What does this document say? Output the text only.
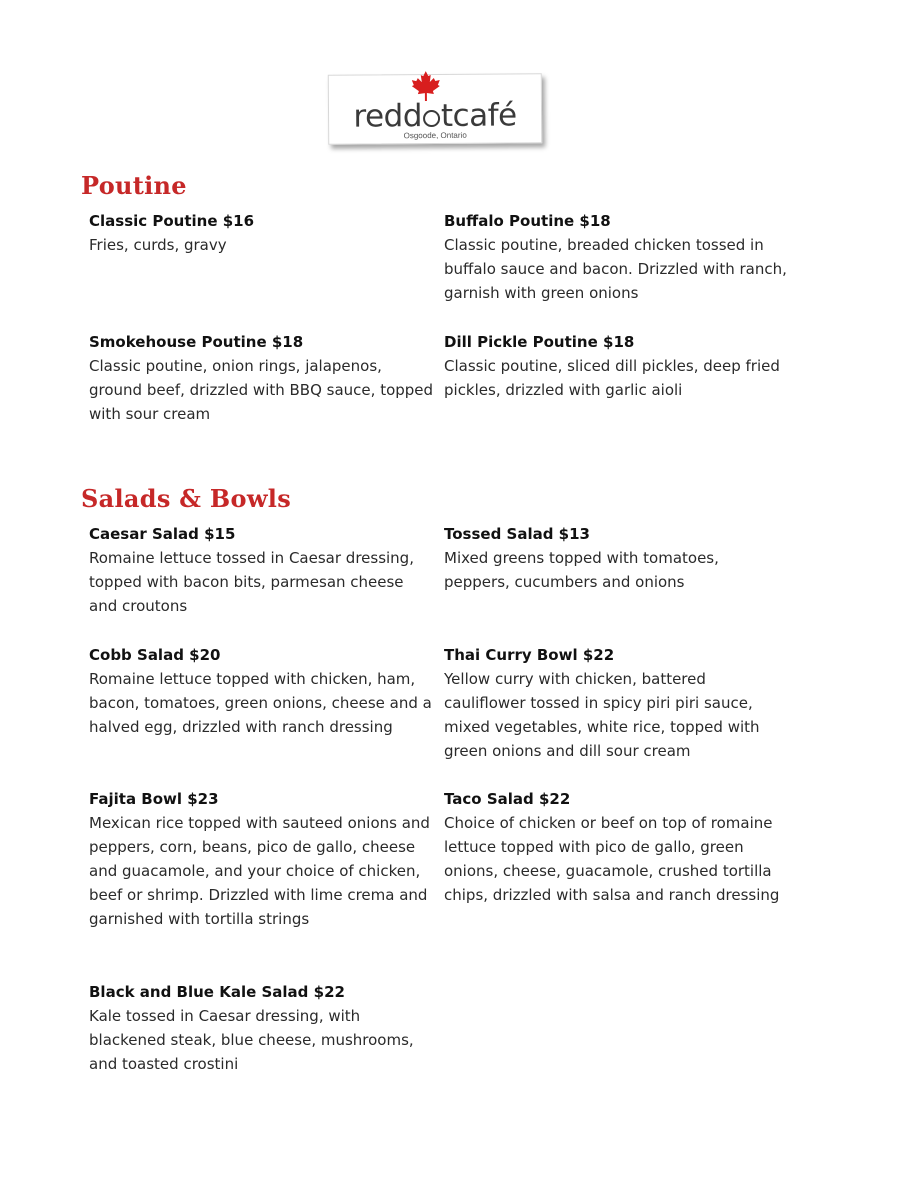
redd tcafé
Osgoode, Ontario
Poutine
Classic Poutine $16
Fries, curds, gravy
Buffalo Poutine $18
Classic poutine, breaded chicken tossed in buffalo sauce and bacon. Drizzled with ranch, garnish with green onions
Smokehouse Poutine $18
Classic poutine, onion rings, jalapenos, ground beef, drizzled with BBQ sauce, topped with sour cream
Dill Pickle Poutine $18
Classic poutine, sliced dill pickles, deep fried pickles, drizzled with garlic aioli
Salads & Bowls
Caesar Salad $15
Romaine lettuce tossed in Caesar dressing, topped with bacon bits, parmesan cheese and croutons
Tossed Salad $13
Mixed greens topped with tomatoes, peppers, cucumbers and onions
Cobb Salad $20
Romaine lettuce topped with chicken, ham, bacon, tomatoes, green onions, cheese and a halved egg, drizzled with ranch dressing
Thai Curry Bowl $22
Yellow curry with chicken, battered cauliflower tossed in spicy piri piri sauce, mixed vegetables, white rice, topped with green onions and dill sour cream
Fajita Bowl $23
Mexican rice topped with sauteed onions and peppers, corn, beans, pico de gallo, cheese and guacamole, and your choice of chicken, beef or shrimp. Drizzled with lime crema and garnished with tortilla strings
Taco Salad $22
Choice of chicken or beef on top of romaine lettuce topped with pico de gallo, green onions, cheese, guacamole, crushed tortilla chips, drizzled with salsa and ranch dressing
Black and Blue Kale Salad $22
Kale tossed in Caesar dressing, with blackened steak, blue cheese, mushrooms, and toasted crostini
